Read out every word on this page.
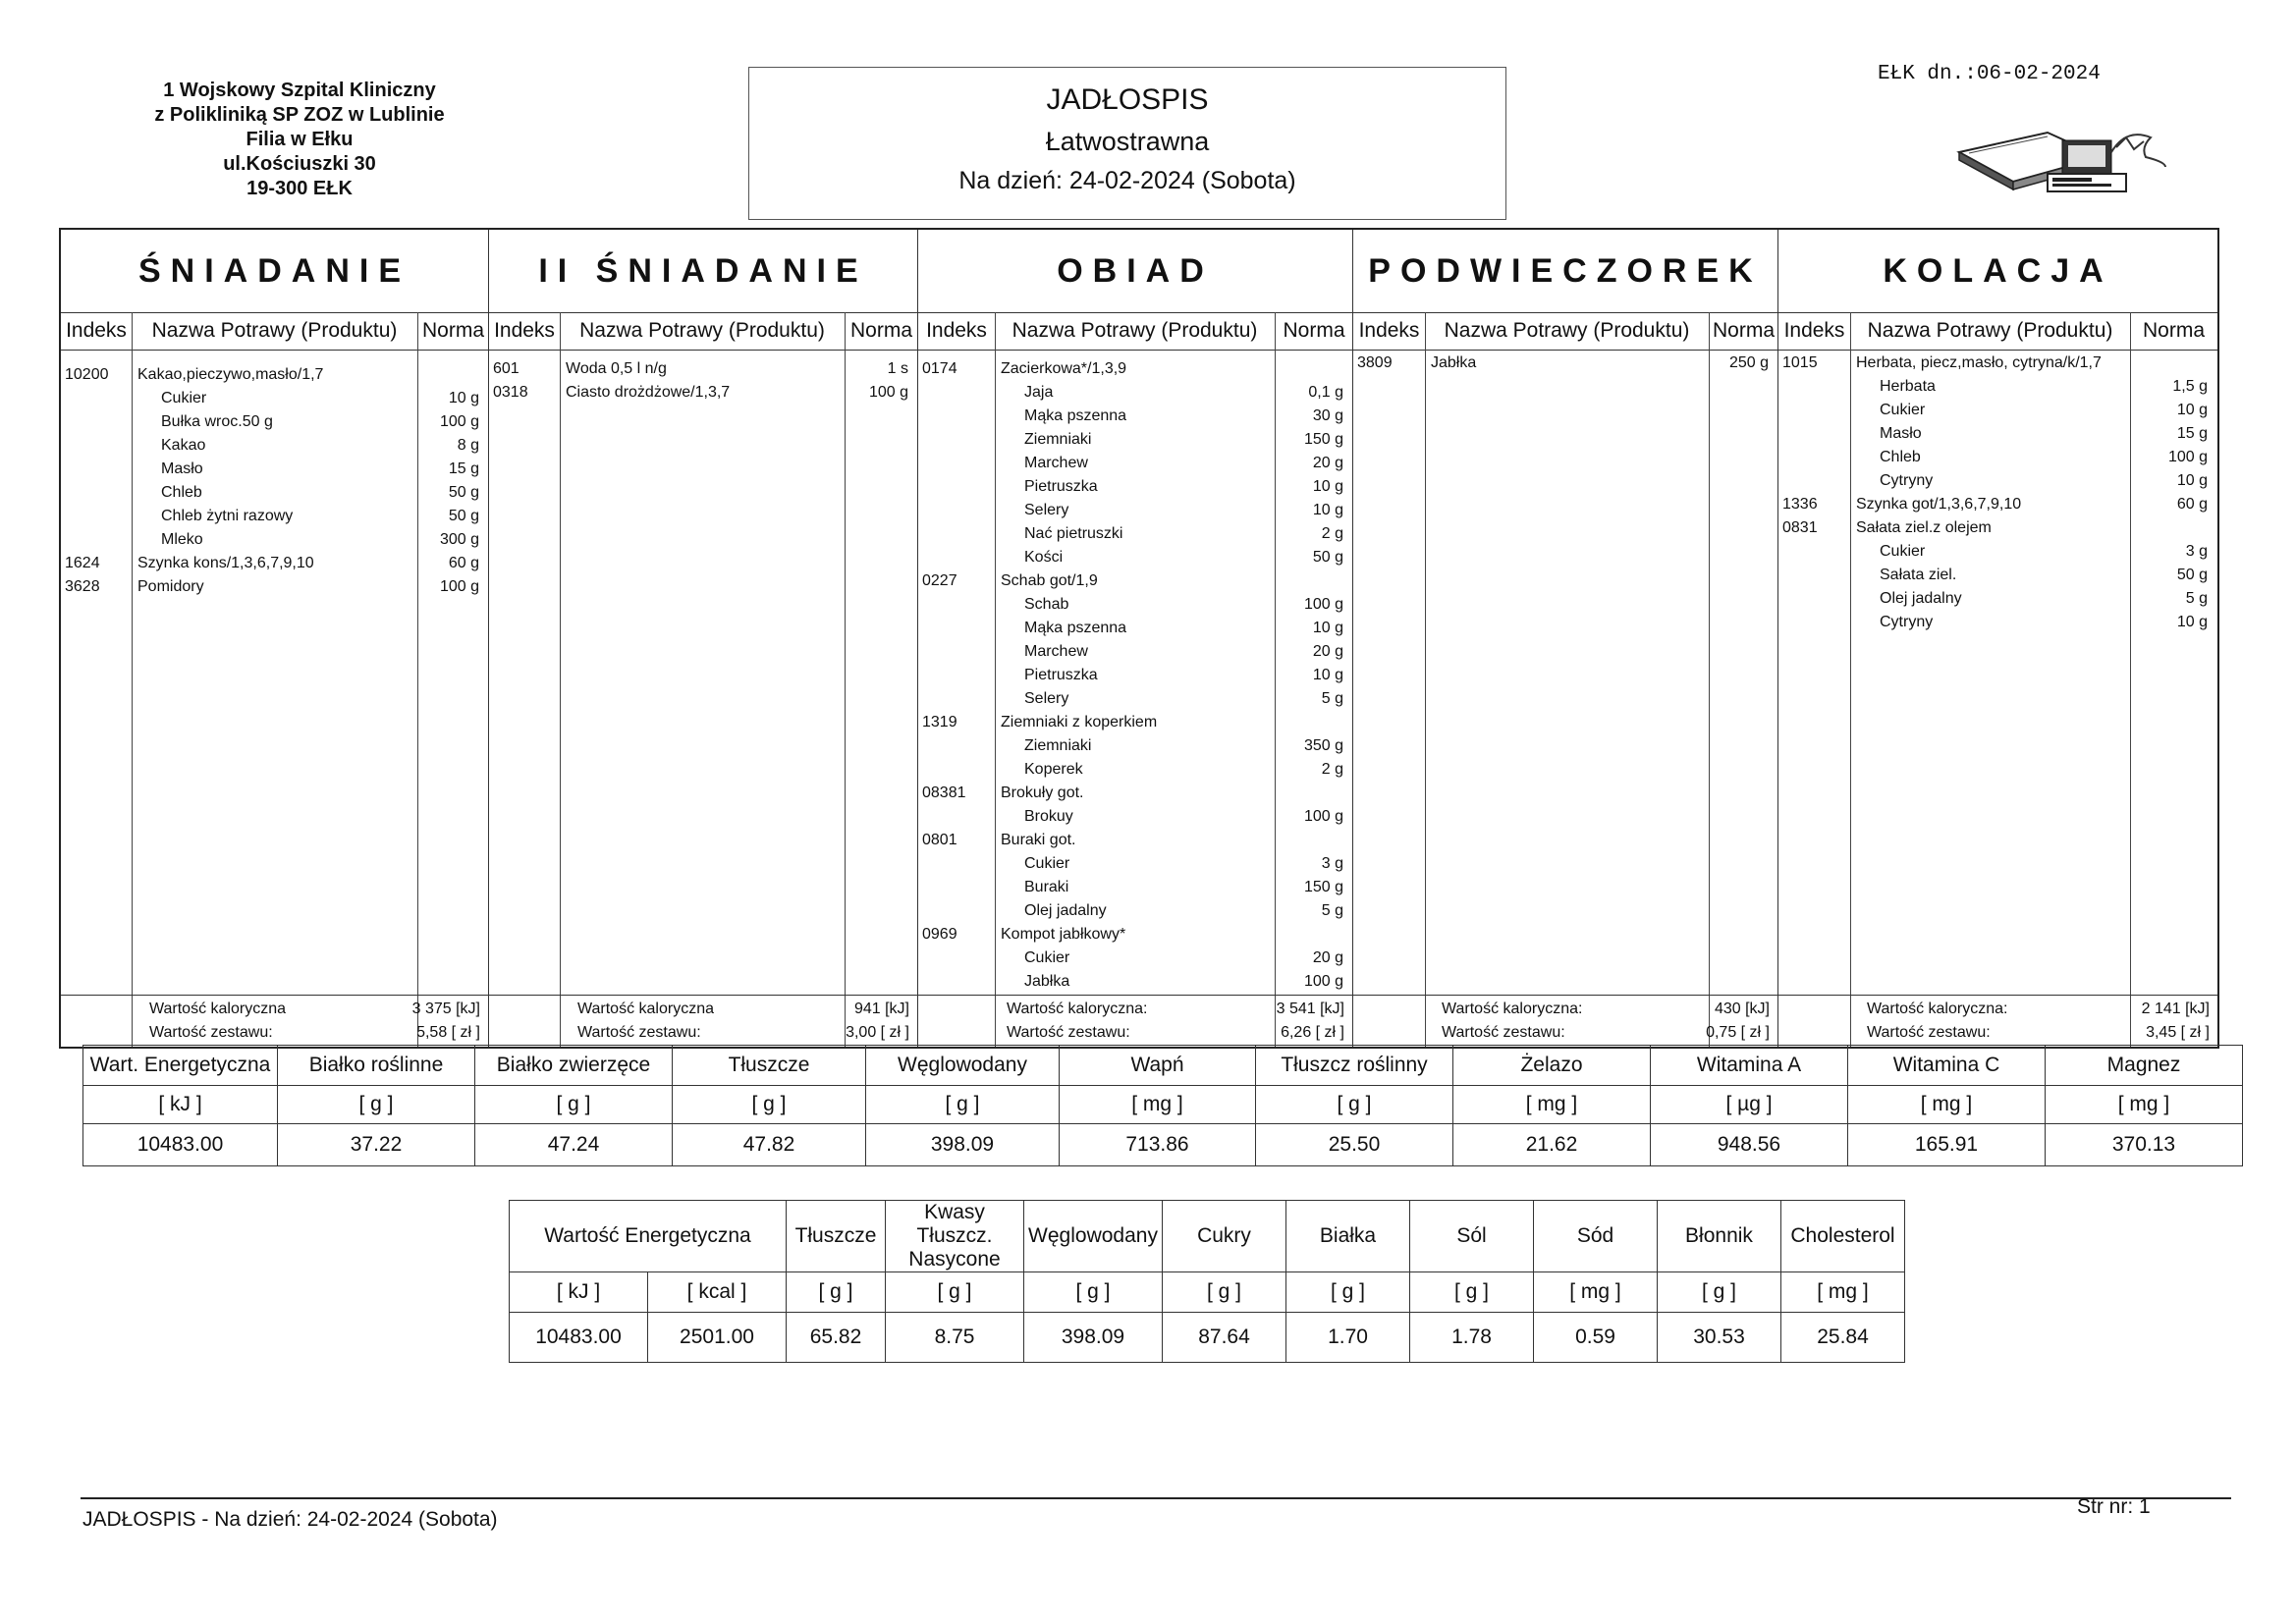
1 Wojskowy Szpital Kliniczny
z Polikliniką SP ZOZ w Lublinie
Filia w Ełku
ul.Kościuszki 30
19-300 EŁK
JADŁOSPIS
Łatwostrawna
Na dzień: 24-02-2024 (Sobota)
EŁK dn.:06-02-2024
ŚNIADANIE
Indeks	Nazwa Potrawy (Produktu)	Norma
10200 Kakao,pieczywo,masło/1,7
Cukier	10 g
Bułka wroc.50 g	100 g
Kakao	8 g
Masło	15 g
Chleb	50 g
Chleb żytni razowy	50 g
Mleko	300 g
1624 Szynka kons/1,3,6,7,9,10	60 g
3628 Pomidory	100 g
Wartość kaloryczna	3 375 [kJ]
Wartość zestawu:	5,58 [ zł ]
II ŚNIADANIE
Indeks	Nazwa Potrawy (Produktu)	Norma
601	Woda 0,5 l n/g	1 s
0318 Ciasto drożdżowe/1,3,7	100 g
Wartość kaloryczna	941 [kJ]
Wartość zestawu:	3,00 [ zł ]
OBIAD
Indeks	Nazwa Potrawy (Produktu)	Norma
0174	Zacierkowa*/1,3,9
Jaja	0,1 g
Mąka pszenna	30 g
Ziemniaki	150 g
Marchew	20 g
Pietruszka	10 g
Selery	10 g
Nać pietruszki	2 g
Kości	50 g
0227	Schab got/1,9
Schab	100 g
Mąka pszenna	10 g
Marchew	20 g
Pietruszka	10 g
Selery	5 g
1319	Ziemniaki z koperkiem
Ziemniaki	350 g
Koperek	2 g
08381 Brokuły got.
Brokuy	100 g
0801	Buraki got.
Cukier	3 g
Buraki	150 g
Olej jadalny	5 g
0969	Kompot jabłkowy*
Cukier	20 g
Jabłka	100 g
Wartość kaloryczna:	3 541 [kJ]
Wartość zestawu:	6,26 [ zł ]
PODWIECZOREK
Indeks	Nazwa Potrawy (Produktu)	Norma
3809 Jabłka	250 g
Wartość kaloryczna:	430 [kJ]
Wartość zestawu:	0,75 [ zł ]
KOLACJA
Indeks	Nazwa Potrawy (Produktu)	Norma
1015 Herbata, piecz,masło, cytryna/k/1,7
Herbata	1,5 g
Cukier	10 g
Masło	15 g
Chleb	100 g
Cytryny	10 g
1336 Szynka got/1,3,6,7,9,10	60 g
0831 Sałata ziel.z olejem
Cukier	3 g
Sałata ziel.	50 g
Olej jadalny	5 g
Cytryny	10 g
Wartość kaloryczna:	2 141 [kJ]
Wartość zestawu:	3,45 [ zł ]
Wart. Energetyczna	Białko roślinne	Białko zwierzęce	Tłuszcze	Węglowodany	Wapń	Tłuszcz roślinny	Żelazo	Witamina A	Witamina C	Magnez
[ kJ ]	[ g ]	[ g ]	[ g ]	[ g ]	[ mg ]	[ g ]	[ mg ]	[ µg ]	[ mg ]	[ mg ]
10483.00	37.22	47.24	47.82	398.09	713.86	25.50	21.62	948.56	165.91	370.13
Wartość Energetyczna		Tłuszcze	Kwasy Tłuszcz. Nasycone	Węglowodany	Cukry	Białka	Sól	Sód	Błonnik	Cholesterol
[ kJ ]	[ kcal ]	[ g ]	[ g ]	[ g ]	[ g ]	[ g ]	[ g ]	[ mg ]	[ g ]	[ mg ]
10483.00	2501.00	65.82	8.75	398.09	87.64	1.70	1.78	0.59	30.53	25.84
JADŁOSPIS - Na dzień: 24-02-2024 (Sobota)
Str nr: 1
